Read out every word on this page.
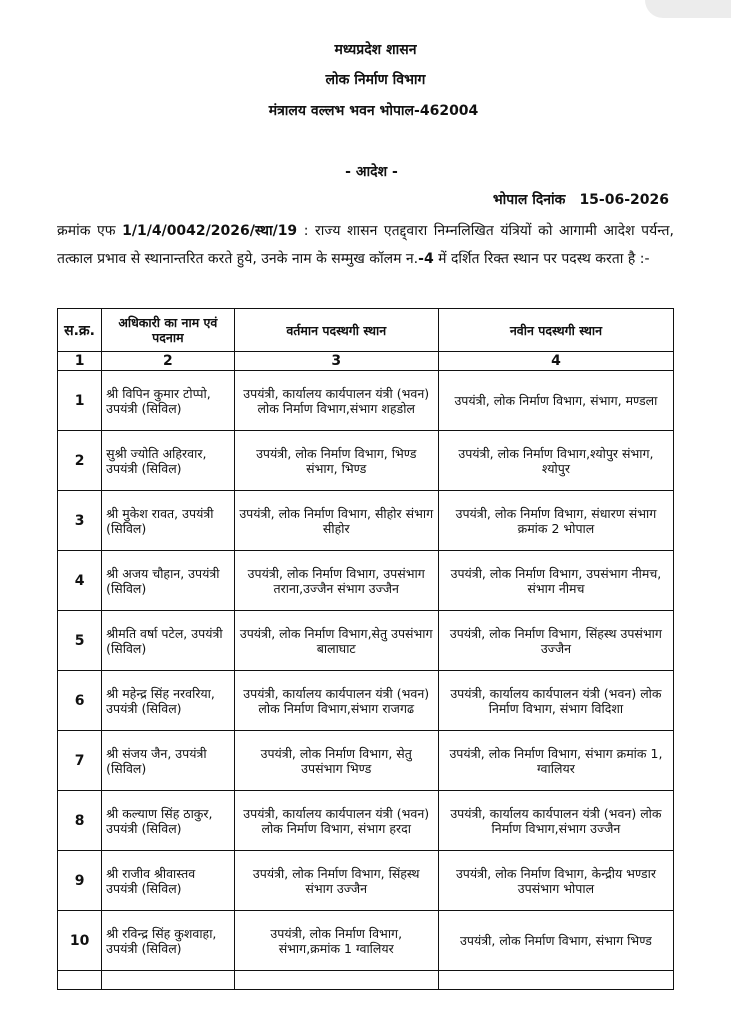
मध्यप्रदेश शासन
लोक निर्माण विभाग
मंत्रालय वल्लभ भवन भोपाल-462004
- आदेश -
भोपाल दिनांक 15-06-2026
क्रमांक एफ 1/1/4/0042/2026/स्था/19 : राज्य शासन एतद्द्वारा निम्नलिखित यंत्रियों को आगामी आदेश पर्यन्त, तत्काल प्रभाव से स्थानान्तरित करते हुये, उनके नाम के सम्मुख कॉलम न.-4 में दर्शित रिक्त स्थान पर पदस्थ करता है :-
स.क्र.	अधिकारी का नाम एवं पदनाम	वर्तमान पदस्थगी स्थान	नवीन पदस्थगी स्थान
1	2	3	4
1	श्री विपिन कुमार टोप्पो, उपयंत्री (सिविल)	उपयंत्री, कार्यालय कार्यपालन यंत्री (भवन) लोक निर्माण विभाग,संभाग शहडोल	उपयंत्री, लोक निर्माण विभाग, संभाग, मण्डला
2	सुश्री ज्योति अहिरवार, उपयंत्री (सिविल)	उपयंत्री, लोक निर्माण विभाग, भिण्ड संभाग, भिण्ड	उपयंत्री, लोक निर्माण विभाग,श्योपुर संभाग, श्योपुर
3	श्री मुकेश रावत, उपयंत्री (सिविल)	उपयंत्री, लोक निर्माण विभाग, सीहोर संभाग सीहोर	उपयंत्री, लोक निर्माण विभाग, संधारण संभाग क्रमांक 2 भोपाल
4	श्री अजय चौहान, उपयंत्री (सिविल)	उपयंत्री, लोक निर्माण विभाग, उपसंभाग तराना,उज्जैन संभाग उज्जैन	उपयंत्री, लोक निर्माण विभाग, उपसंभाग नीमच, संभाग नीमच
5	श्रीमति वर्षा पटेल, उपयंत्री (सिविल)	उपयंत्री, लोक निर्माण विभाग,सेतु उपसंभाग बालाघाट	उपयंत्री, लोक निर्माण विभाग, सिंहस्थ उपसंभाग उज्जैन
6	श्री महेन्द्र सिंह नरवरिया, उपयंत्री (सिविल)	उपयंत्री, कार्यालय कार्यपालन यंत्री (भवन) लोक निर्माण विभाग,संभाग राजगढ	उपयंत्री, कार्यालय कार्यपालन यंत्री (भवन) लोक निर्माण विभाग, संभाग विदिशा
7	श्री संजय जैन, उपयंत्री (सिविल)	उपयंत्री, लोक निर्माण विभाग, सेतु उपसंभाग भिण्ड	उपयंत्री, लोक निर्माण विभाग, संभाग क्रमांक 1, ग्वालियर
8	श्री कल्याण सिंह ठाकुर, उपयंत्री (सिविल)	उपयंत्री, कार्यालय कार्यपालन यंत्री (भवन) लोक निर्माण विभाग, संभाग हरदा	उपयंत्री, कार्यालय कार्यपालन यंत्री (भवन) लोक निर्माण विभाग,संभाग उज्जैन
9	श्री राजीव श्रीवास्तव उपयंत्री (सिविल)	उपयंत्री, लोक निर्माण विभाग, सिंहस्थ संभाग उज्जैन	उपयंत्री, लोक निर्माण विभाग, केन्द्रीय भण्डार उपसंभाग भोपाल
10	श्री रविन्द्र सिंह कुशवाहा, उपयंत्री (सिविल)	उपयंत्री, लोक निर्माण विभाग, संभाग,क्रमांक 1 ग्वालियर	उपयंत्री, लोक निर्माण विभाग, संभाग भिण्ड
